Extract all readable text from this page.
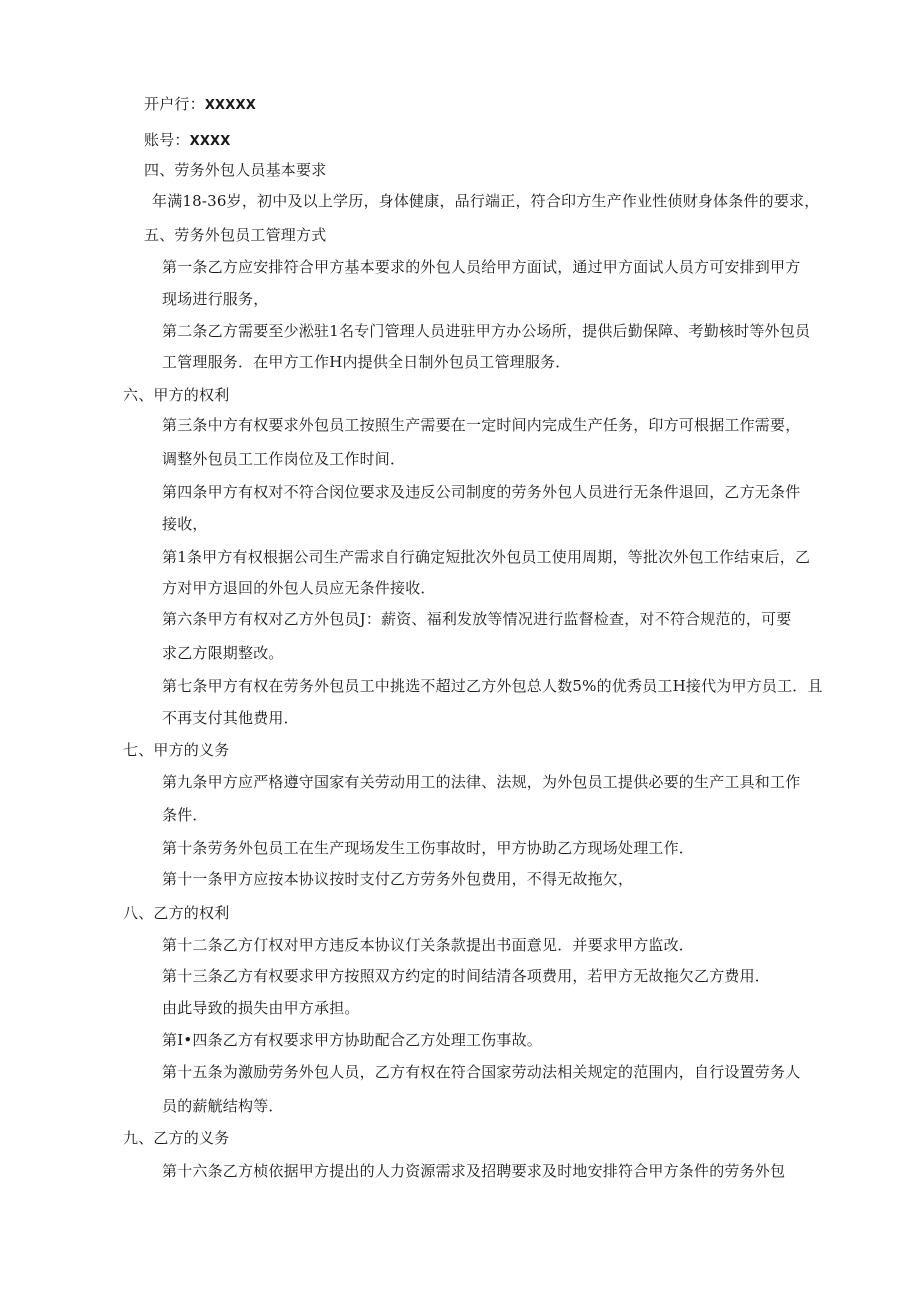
开户行：XXXXX
账号：XXXX
四、劳务外包人员基本要求
年满18-36岁，初中及以上学历，身体健康，品行端正，符合印方生产作业性侦财身体条件的要求，
五、劳务外包员工管理方式
第一条乙方应安排符合甲方基本要求的外包人员给甲方面试，通过甲方面试人员方可安排到甲方
现场进行服务，
第二条乙方需要至少淞驻1名专门管理人员进驻甲方办公场所，提供后勤保障、考勤核时等外包员
工管理服务．在甲方工作H内提供全日制外包员工管理服务．
六、甲方的权利
第三条中方有权要求外包员工按照生产需要在一定时间内完成生产任务，印方可根据工作需要，
调整外包员工工作岗位及工作时间．
第四条甲方有权对不符合闵位要求及违反公司制度的劳务外包人员进行无条件退回，乙方无条件
接收，
第1条甲方有权根据公司生产需求自行确定短批次外包员工使用周期，等批次外包工作结束后，乙
方对甲方退回的外包人员应无条件接收．
第六条甲方有权对乙方外包员J：薪资、福利发放等情况进行监督检查，对不符合规范的，可要
求乙方限期整改。
第七条甲方有权在劳务外包员工中挑选不超过乙方外包总人数5%的优秀员工H接代为甲方员工．且
不再支付其他费用．
七、甲方的义务
第九条甲方应严格遵守国家有关劳动用工的法律、法规，为外包员工提供必要的生产工具和工作
条件．
第十条劳务外包员工在生产现场发生工伤事故时，甲方协助乙方现场处理工作．
第十一条甲方应按本协议按时支付乙方劳务外包费用，不得无故拖欠，
八、乙方的权利
第十二条乙方仃权对甲方违反本协议仃关条款提出书面意见．并要求甲方监改．
第十三条乙方有权要求甲方按照双方约定的时间结清各项费用，若甲方无故拖欠乙方费用．
由此导致的损失由甲方承担。
第I•四条乙方有权要求甲方协助配合乙方处理工伤事故。
第十五条为激励劳务外包人员，乙方有权在符合国家劳动法相关规定的范围内，自行设置劳务人
员的薪觥结构等．
九、乙方的义务
第十六条乙方桢依据甲方提出的人力资源需求及招聘要求及时地安排符合甲方条件的劳务外包
